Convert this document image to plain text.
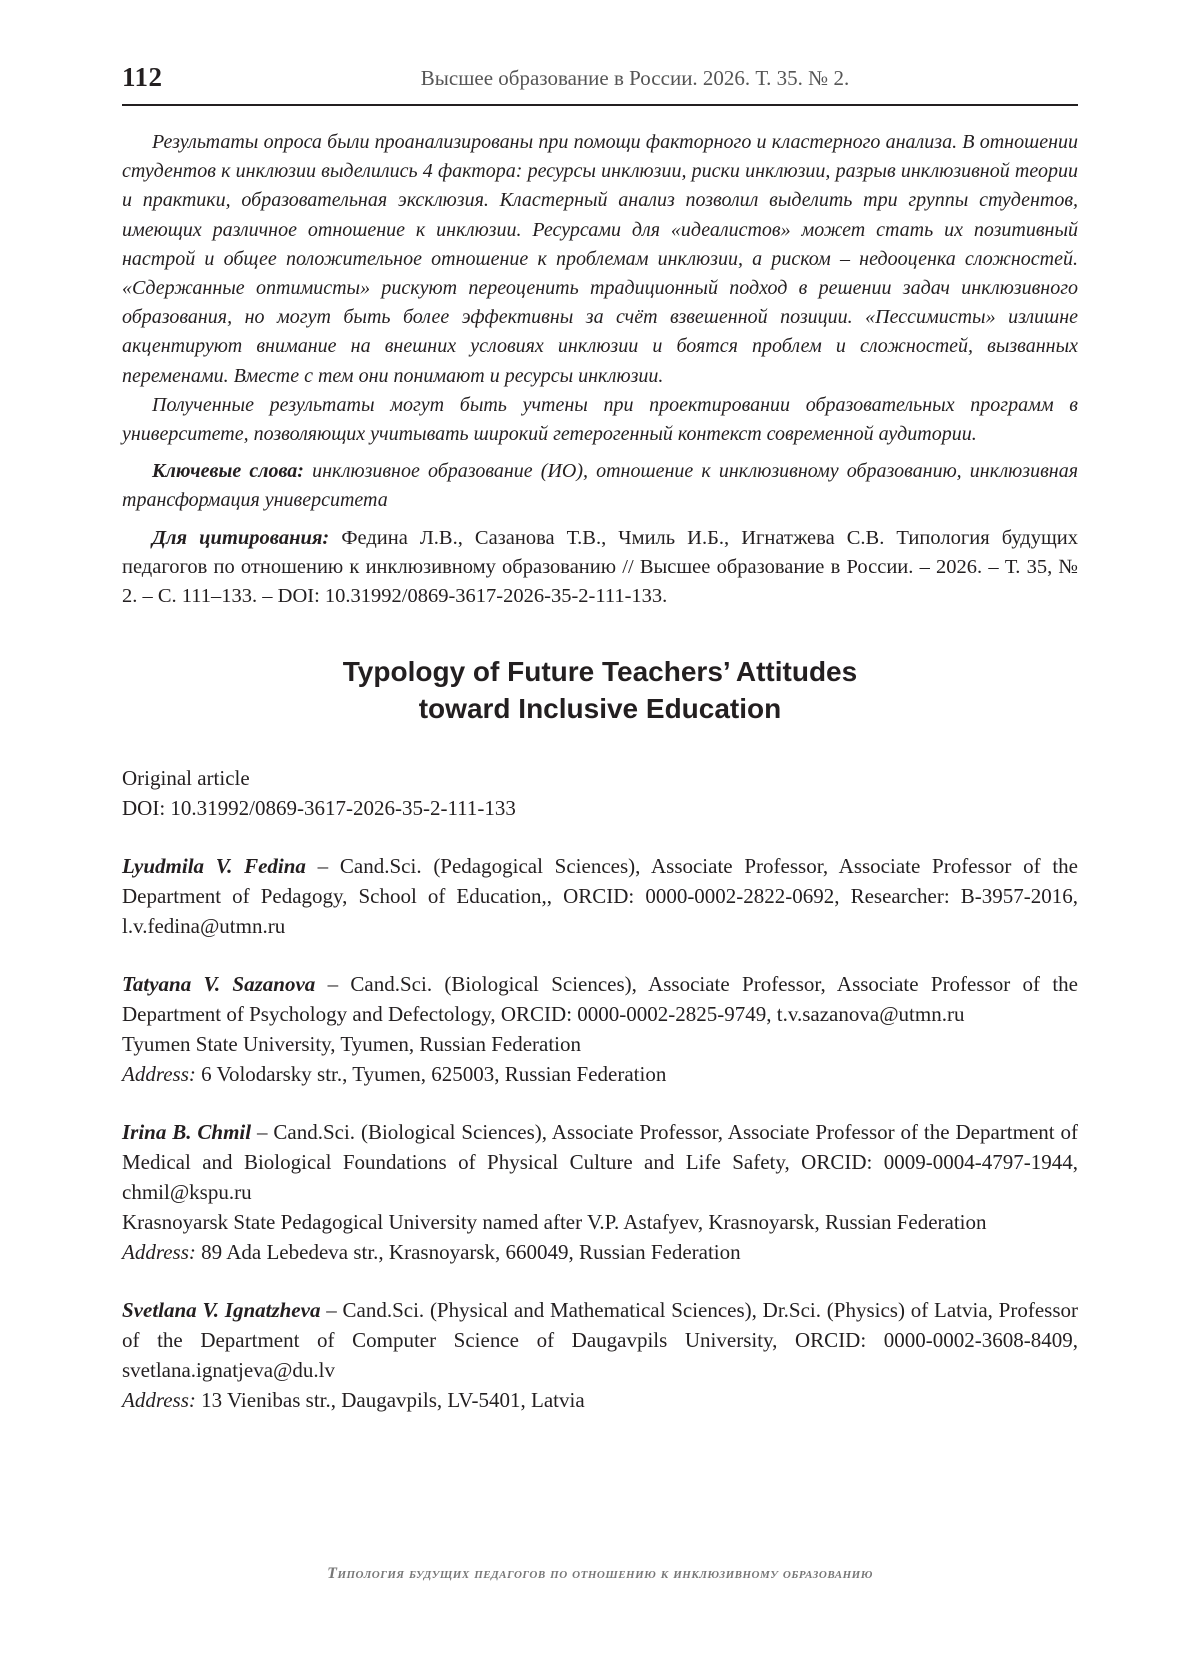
112	Высшее образование в России. 2026. Т. 35. № 2.

Результаты опроса были проанализированы при помощи факторного и кластерного анализа. В отношении студентов к инклюзии выделились 4 фактора: ресурсы инклюзии, риски инклюзии, разрыв инклюзивной теории и практики, образовательная эксклюзия. Кластерный анализ позволил выделить три группы студентов, имеющих различное отношение к инклюзии. Ресурсами для «идеалистов» может стать их позитивный настрой и общее положительное отношение к проблемам инклюзии, а риском – недооценка сложностей. «Сдержанные оптимисты» рискуют переоценить традиционный подход в решении задач инклюзивного образования, но могут быть более эффективны за счёт взвешенной позиции. «Пессимисты» излишне акцентируют внимание на внешних условиях инклюзии и боятся проблем и сложностей, вызванных переменами. Вместе с тем они понимают и ресурсы инклюзии.

Полученные результаты могут быть учтены при проектировании образовательных программ в университете, позволяющих учитывать широкий гетерогенный контекст современной аудитории.

Ключевые слова: инклюзивное образование (ИО), отношение к инклюзивному образованию, инклюзивная трансформация университета

Для цитирования: Федина Л.В., Сазанова Т.В., Чмиль И.Б., Игнатжева С.В. Типология будущих педагогов по отношению к инклюзивному образованию // Высшее образование в России. – 2026. – Т. 35, № 2. – С. 111–133. – DOI: 10.31992/0869-3617-2026-35-2-111-133.

Typology of Future Teachers’ Attitudes
toward Inclusive Education
Original article
DOI: 10.31992/0869-3617-2026-35-2-111-133
Lyudmila V. Fedina – Cand.Sci. (Pedagogical Sciences), Associate Professor, Associate Professor of the Department of Pedagogy, School of Education,, ORCID: 0000-0002-2822-0692, Researcher: B-3957-2016, l.v.fedina@utmn.ru
Tatyana V. Sazanova – Cand.Sci. (Biological Sciences), Associate Professor, Associate Professor of the Department of Psychology and Defectology, ORCID: 0000-0002-2825-9749, t.v.sazanova@utmn.ru
Tyumen State University, Tyumen, Russian Federation
Address: 6 Volodarsky str., Tyumen, 625003, Russian Federation
Irina B. Chmil – Cand.Sci. (Biological Sciences), Associate Professor, Associate Professor of the Department of Medical and Biological Foundations of Physical Culture and Life Safety, ORCID: 0009-0004-4797-1944, chmil@kspu.ru
Krasnoyarsk State Pedagogical University named after V.P. Astafyev, Krasnoyarsk, Russian Federation
Address: 89 Ada Lebedeva str., Krasnoyarsk, 660049, Russian Federation
Svetlana V. Ignatzheva – Cand.Sci. (Physical and Mathematical Sciences), Dr.Sci. (Physics) of Latvia, Professor of the Department of Computer Science of Daugavpils University, ORCID: 0000-0002-3608-8409, svetlana.ignatjeva@du.lv
Address: 13 Vienibas str., Daugavpils, LV-5401, Latvia
Типология будущих педагогов по отношению к инклюзивному образованию
